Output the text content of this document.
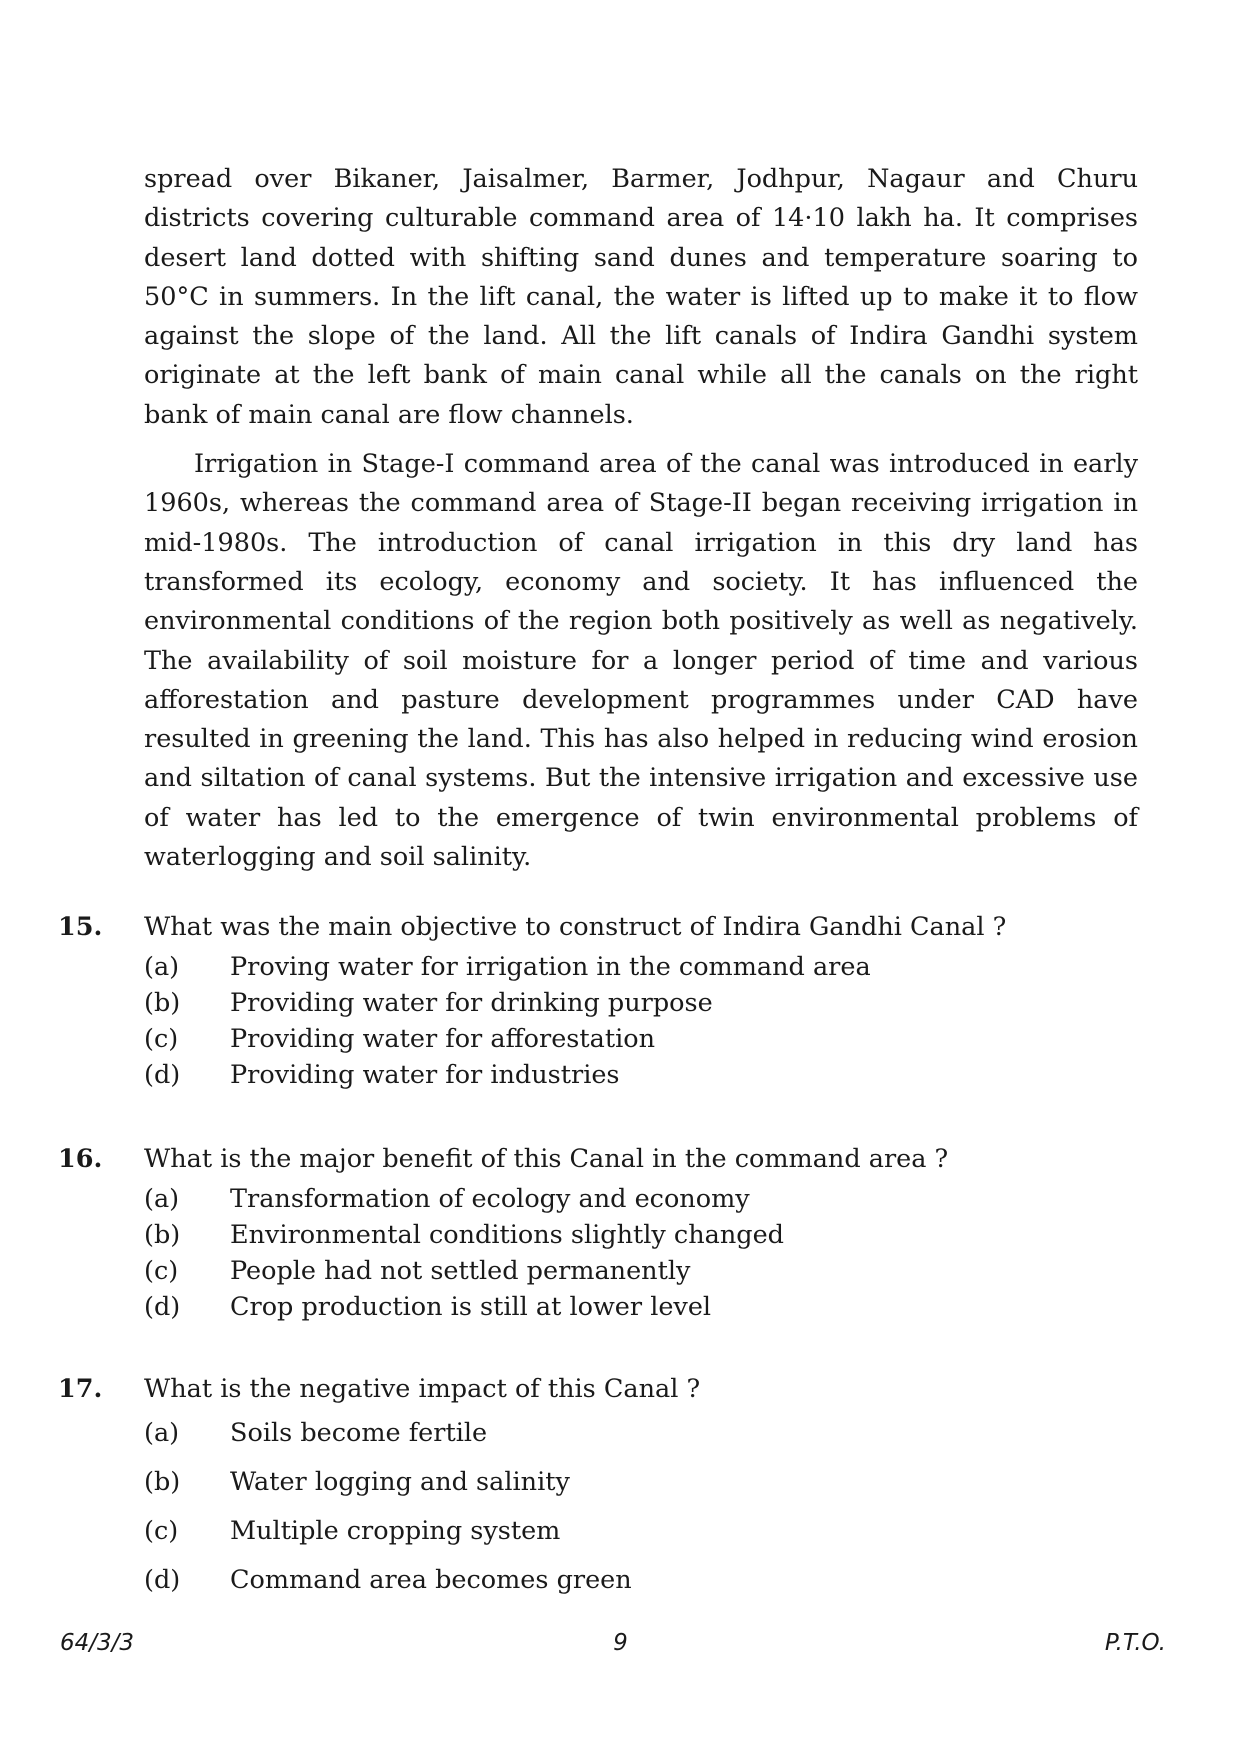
spread over Bikaner, Jaisalmer, Barmer, Jodhpur, Nagaur and Churu districts covering culturable command area of 14·10 lakh ha. It comprises desert land dotted with shifting sand dunes and temperature soaring to 50°C in summers. In the lift canal, the water is lifted up to make it to flow against the slope of the land. All the lift canals of Indira Gandhi system originate at the left bank of main canal while all the canals on the right bank of main canal are flow channels.

Irrigation in Stage-I command area of the canal was introduced in early 1960s, whereas the command area of Stage-II began receiving irrigation in mid-1980s. The introduction of canal irrigation in this dry land has transformed its ecology, economy and society. It has influenced the environmental conditions of the region both positively as well as negatively. The availability of soil moisture for a longer period of time and various afforestation and pasture development programmes under CAD have resulted in greening the land. This has also helped in reducing wind erosion and siltation of canal systems. But the intensive irrigation and excessive use of water has led to the emergence of twin environmental problems of waterlogging and soil salinity.

15. What was the main objective to construct of Indira Gandhi Canal ?
(a) Proving water for irrigation in the command area
(b) Providing water for drinking purpose
(c) Providing water for afforestation
(d) Providing water for industries
16. What is the major benefit of this Canal in the command area ?
(a) Transformation of ecology and economy
(b) Environmental conditions slightly changed
(c) People had not settled permanently
(d) Crop production is still at lower level
17. What is the negative impact of this Canal ?
(a) Soils become fertile
(b) Water logging and salinity
(c) Multiple cropping system
(d) Command area becomes green
64/3/3	9	P.T.O.
